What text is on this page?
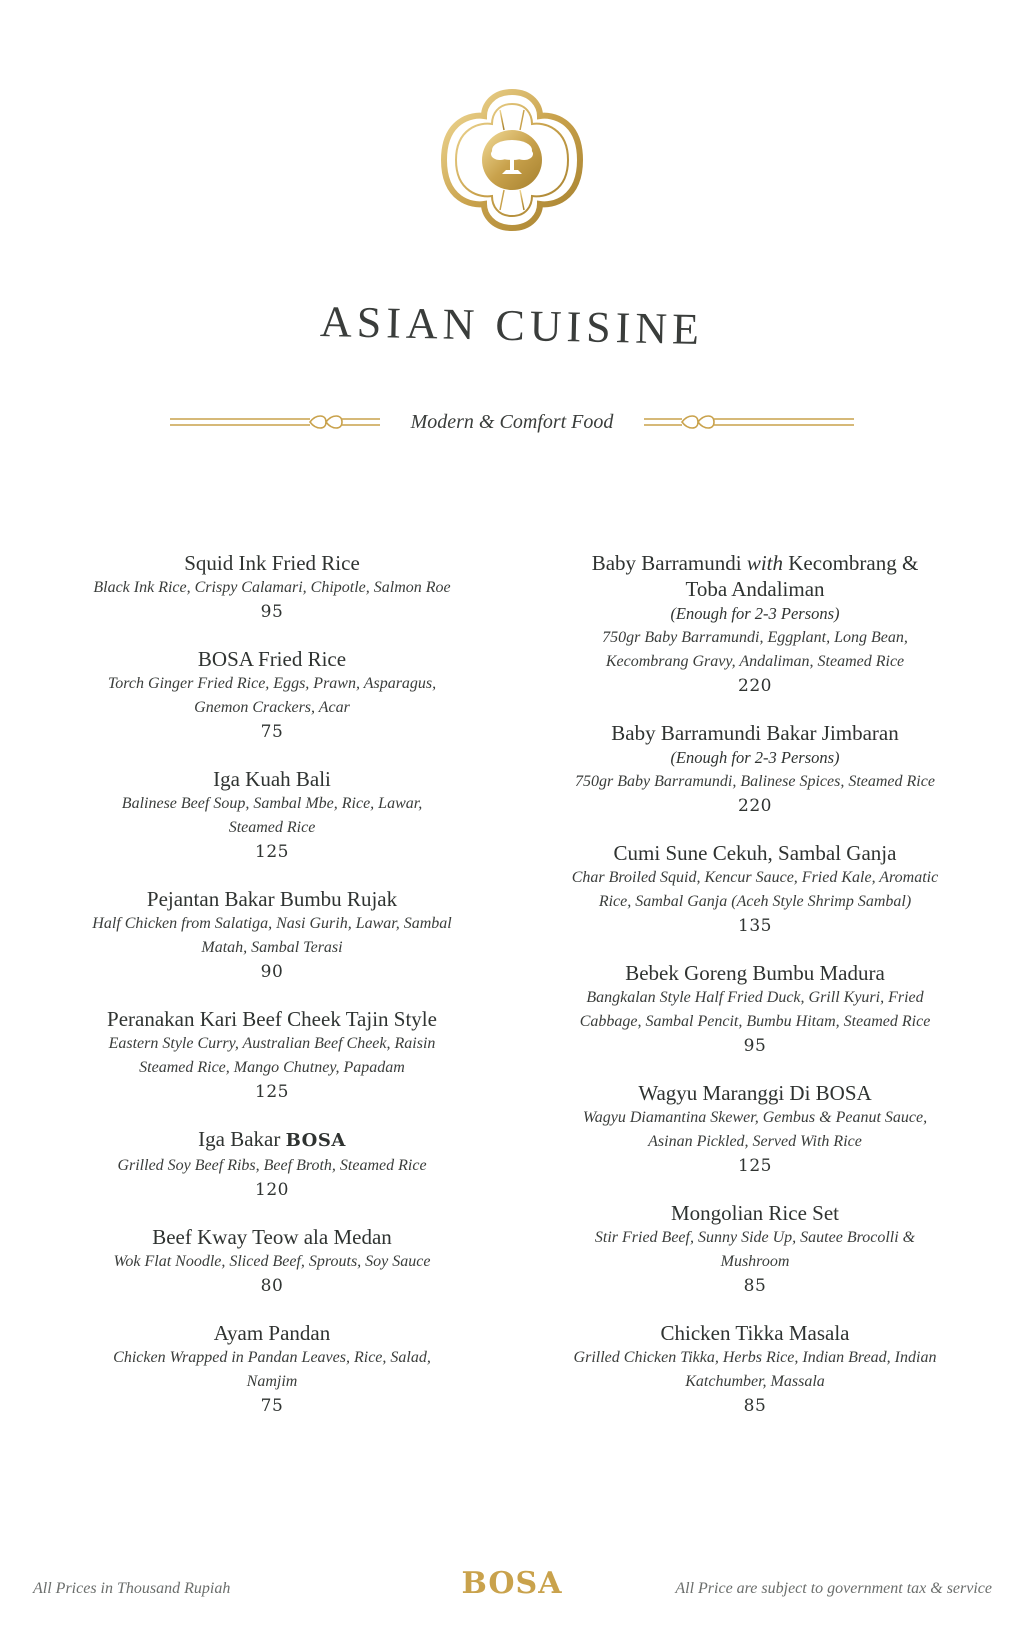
ASIAN CUISINE
Modern & Comfort Food
Squid Ink Fried Rice
Black Ink Rice, Crispy Calamari, Chipotle, Salmon Roe
95
BOSA Fried Rice
Torch Ginger Fried Rice, Eggs, Prawn, Asparagus,
Gnemon Crackers, Acar
75
Iga Kuah Bali
Balinese Beef Soup, Sambal Mbe, Rice, Lawar,
Steamed Rice
125
Pejantan Bakar Bumbu Rujak
Half Chicken from Salatiga, Nasi Gurih, Lawar, Sambal
Matah, Sambal Terasi
90
Peranakan Kari Beef Cheek Tajin Style
Eastern Style Curry, Australian Beef Cheek, Raisin
Steamed Rice, Mango Chutney, Papadam
125
Iga Bakar BOSA
Grilled Soy Beef Ribs, Beef Broth, Steamed Rice
120
Beef Kway Teow ala Medan
Wok Flat Noodle, Sliced Beef, Sprouts, Soy Sauce
80
Ayam Pandan
Chicken Wrapped in Pandan Leaves, Rice, Salad,
Namjim
75
Baby Barramundi with Kecombrang &
Toba Andaliman
(Enough for 2-3 Persons)
750gr Baby Barramundi, Eggplant, Long Bean,
Kecombrang Gravy, Andaliman, Steamed Rice
220
Baby Barramundi Bakar Jimbaran
(Enough for 2-3 Persons)
750gr Baby Barramundi, Balinese Spices, Steamed Rice
220
Cumi Sune Cekuh, Sambal Ganja
Char Broiled Squid, Kencur Sauce, Fried Kale, Aromatic
Rice, Sambal Ganja (Aceh Style Shrimp Sambal)
135
Bebek Goreng Bumbu Madura
Bangkalan Style Half Fried Duck, Grill Kyuri, Fried
Cabbage, Sambal Pencit, Bumbu Hitam, Steamed Rice
95
Wagyu Maranggi Di BOSA
Wagyu Diamantina Skewer, Gembus & Peanut Sauce,
Asinan Pickled, Served With Rice
125
Mongolian Rice Set
Stir Fried Beef, Sunny Side Up, Sautee Brocolli &
Mushroom
85
Chicken Tikka Masala
Grilled Chicken Tikka, Herbs Rice, Indian Bread, Indian
Katchumber, Massala
85
All Prices in Thousand Rupiah	BOSA	All Price are subject to government tax & service
